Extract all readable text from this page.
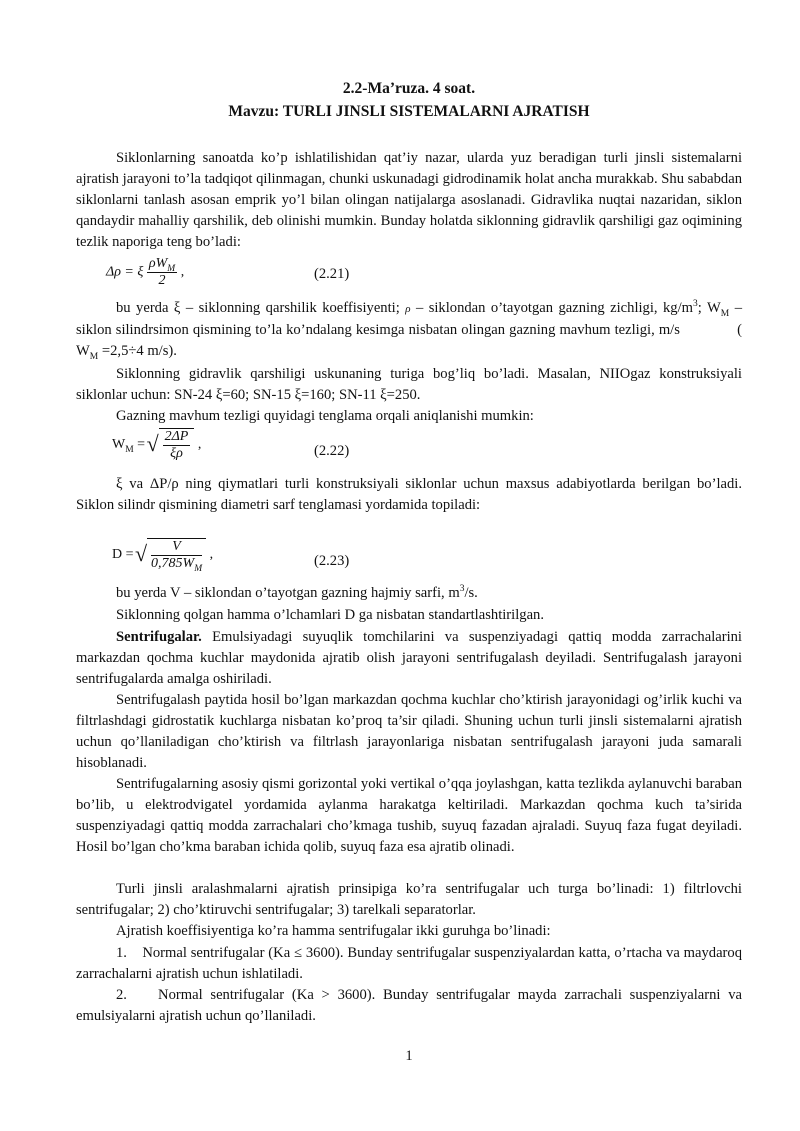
2.2-Ma’ruza. 4 soat.
Mavzu: TURLI JINSLI SISTEMALARNI AJRATISH
Siklonlarning sanoatda ko’p ishlatilishidan qat’iy nazar, ularda yuz beradigan turli jinsli sistemalarni ajratish jarayoni to’la tadqiqot qilinmagan, chunki uskunadagi gidrodinamik holat ancha murakkab. Shu sababdan siklonlarni tanlash asosan emprik yo’l bilan olingan natijalarga asoslanadi. Gidravlika nuqtai nazaridan, siklon qandaydir mahalliy qarshilik, deb olinishi mumkin. Bunday holatda siklonning gidravlik qarshiligi gaz oqimining tezlik naporiga teng bo’ladi:
Δρ = ξ $\frac{\rho W_M}{2}$ ,	(2.21)
bu yerda ξ – siklonning qarshilik koeffisiyenti; ρ – siklondan o’tayotgan gazning zichligi, $kg/m^3$; $W_M$ – siklon silindrsimon qismining to’la ko’ndalang kesimga nisbatan olingan gazning mavhum tezligi, m/s	( $W_M =2,5\div 4$ m/s).
Siklonning gidravlik qarshiligi uskunaning turiga bog’liq bo’ladi. Masalan, NIIOgaz konstruksiyali siklonlar uchun: SN-24 ξ=60; SN-15 ξ=160; SN-11 ξ=250.
Gazning mavhum tezligi quyidagi tenglama orqali aniqlanishi mumkin:
$W_M$ = √ $\frac{2\Delta P}{\xi\rho}$ ,	(2.22)
ξ va ΔP/ρ ning qiymatlari turli konstruksiyali siklonlar uchun maxsus adabiyotlarda berilgan bo’ladi. Siklon silindr qismining diametri sarf tenglamasi yordamida topiladi:
D = √ $\frac{V}{0,785W_M}$ ,	(2.23)
bu yerda V – siklondan o’tayotgan gazning hajmiy sarfi, $m^3/s$.
Siklonning qolgan hamma o’lchamlari D ga nisbatan standartlashtirilgan.
Sentrifugalar. Emulsiyadagi suyuqlik tomchilarini va suspenziyadagi qattiq modda zarrachalarini markazdan qochma kuchlar maydonida ajratib olish jarayoni sentrifugalash deyiladi. Sentrifugalash jarayoni sentrifugalarda amalga oshiriladi.
Sentrifugalash paytida hosil bo’lgan markazdan qochma kuchlar cho’ktirish jarayonidagi og’irlik kuchi va filtrlashdagi gidrostatik kuchlarga nisbatan ko’proq ta’sir qiladi. Shuning uchun turli jinsli sistemalarni ajratish uchun qo’llaniladigan cho’ktirish va filtrlash jarayonlariga nisbatan sentrifugalash jarayoni juda samarali hisoblanadi.
Sentrifugalarning asosiy qismi gorizontal yoki vertikal o’qqa joylashgan, katta tezlikda aylanuvchi baraban bo’lib, u elektrodvigatel yordamida aylanma harakatga keltiriladi. Markazdan qochma kuch ta’sirida suspenziyadagi qattiq modda zarrachalari cho’kmaga tushib, suyuq fazadan ajraladi. Suyuq faza fugat deyiladi. Hosil bo’lgan cho’kma baraban ichida qolib, suyuq faza esa ajratib olinadi.
Turli jinsli aralashmalarni ajratish prinsipiga ko’ra sentrifugalar uch turga bo’linadi: 1) filtrlovchi sentrifugalar; 2) cho’ktiruvchi sentrifugalar; 3) tarelkali separatorlar.
Ajratish koeffisiyentiga ko’ra hamma sentrifugalar ikki guruhga bo’linadi:
1. Normal sentrifugalar (Ka ≤ 3600). Bunday sentrifugalar suspenziyalardan katta, o’rtacha va maydaroq zarrachalarni ajratish uchun ishlatiladi.
2. Normal sentrifugalar (Ka > 3600). Bunday sentrifugalar mayda zarrachali suspenziyalarni va emulsiyalarni ajratish uchun qo’llaniladi.
1
